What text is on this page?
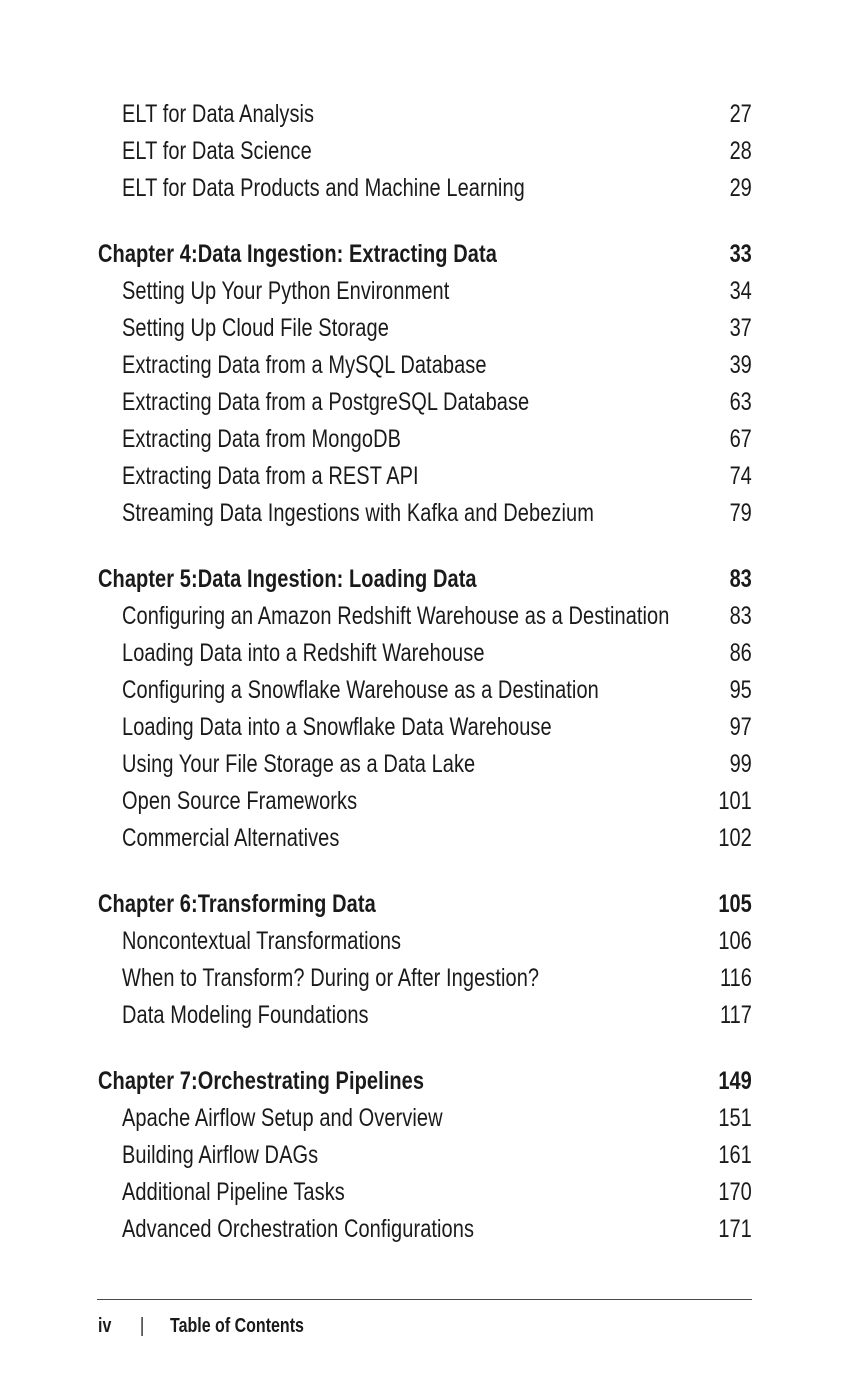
ELT for Data Analysis	27
ELT for Data Science	28
ELT for Data Products and Machine Learning	29
Chapter 4:Data Ingestion: Extracting Data	33
Setting Up Your Python Environment	34
Setting Up Cloud File Storage	37
Extracting Data from a MySQL Database	39
Extracting Data from a PostgreSQL Database	63
Extracting Data from MongoDB	67
Extracting Data from a REST API	74
Streaming Data Ingestions with Kafka and Debezium	79
Chapter 5:Data Ingestion: Loading Data	83
Configuring an Amazon Redshift Warehouse as a Destination	83
Loading Data into a Redshift Warehouse	86
Configuring a Snowflake Warehouse as a Destination	95
Loading Data into a Snowflake Data Warehouse	97
Using Your File Storage as a Data Lake	99
Open Source Frameworks	101
Commercial Alternatives	102
Chapter 6:Transforming Data	105
Noncontextual Transformations	106
When to Transform? During or After Ingestion?	116
Data Modeling Foundations	117
Chapter 7:Orchestrating Pipelines	149
Apache Airflow Setup and Overview	151
Building Airflow DAGs	161
Additional Pipeline Tasks	170
Advanced Orchestration Configurations	171
iv	|	Table of Contents
